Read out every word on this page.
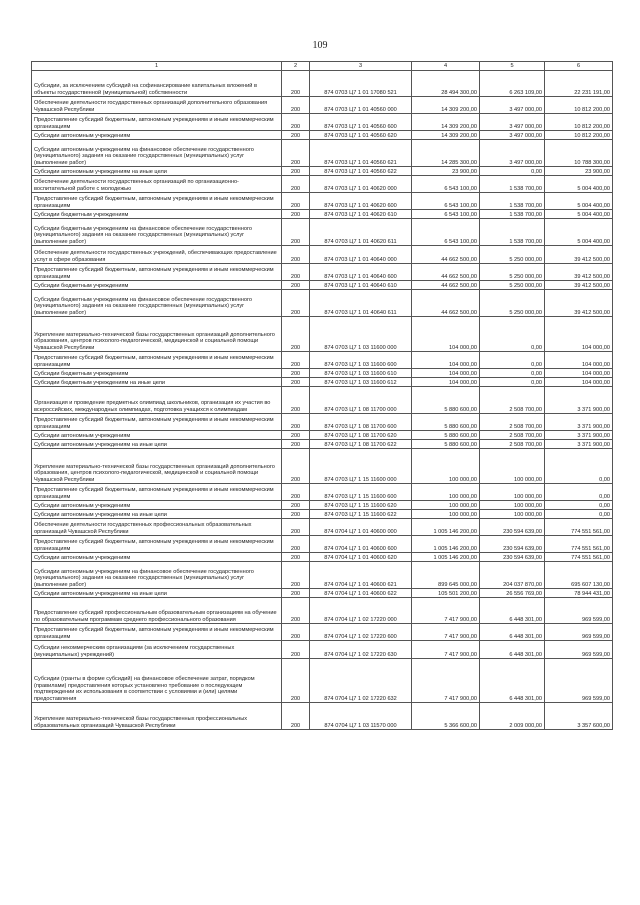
109
1	2	3	4	5	6
Субсидии, за исключением субсидий на софинансирование капитальных вложений в объекты государственной (муниципальной) собственности	200	874 0703 Ц7 1 01 17080 521	28 494 300,00	6 263 109,00	22 231 191,00
Обеспечение деятельности государственных организаций дополнительного образования Чувашской Республики	200	874 0703 Ц7 1 01 40560 000	14 309 200,00	3 497 000,00	10 812 200,00
Предоставление субсидий бюджетным, автономным учреждениям и иным некоммерческим организациям	200	874 0703 Ц7 1 01 40560 600	14 309 200,00	3 497 000,00	10 812 200,00
Субсидии автономным учреждениям	200	874 0703 Ц7 1 01 40560 620	14 309 200,00	3 497 000,00	10 812 200,00
Субсидии автономным учреждениям на финансовое обеспечение государственного (муниципального) задания на оказание государственных (муниципальных) услуг (выполнение работ)	200	874 0703 Ц7 1 01 40560 621	14 285 300,00	3 497 000,00	10 788 300,00
Субсидии автономным учреждениям на иные цели	200	874 0703 Ц7 1 01 40560 622	23 900,00	0,00	23 900,00
Обеспечение деятельности государственных организаций по организационно-воспитательной работе с молодежью	200	874 0703 Ц7 1 01 40620 000	6 543 100,00	1 538 700,00	5 004 400,00
Предоставление субсидий бюджетным, автономным учреждениям и иным некоммерческим организациям	200	874 0703 Ц7 1 01 40620 600	6 543 100,00	1 538 700,00	5 004 400,00
Субсидии бюджетным учреждениям	200	874 0703 Ц7 1 01 40620 610	6 543 100,00	1 538 700,00	5 004 400,00
Субсидии бюджетным учреждениям на финансовое обеспечение государственного (муниципального) задания на оказание государственных (муниципальных) услуг (выполнение работ)	200	874 0703 Ц7 1 01 40620 611	6 543 100,00	1 538 700,00	5 004 400,00
Обеспечение деятельности государственных учреждений, обеспечивающих предоставление услуг в сфере образования	200	874 0703 Ц7 1 01 40640 000	44 662 500,00	5 250 000,00	39 412 500,00
Предоставление субсидий бюджетным, автономным учреждениям и иным некоммерческим организациям	200	874 0703 Ц7 1 01 40640 600	44 662 500,00	5 250 000,00	39 412 500,00
Субсидии бюджетным учреждениям	200	874 0703 Ц7 1 01 40640 610	44 662 500,00	5 250 000,00	39 412 500,00
Субсидии бюджетным учреждениям на финансовое обеспечение государственного (муниципального) задания на оказание государственных (муниципальных) услуг (выполнение работ)	200	874 0703 Ц7 1 01 40640 611	44 662 500,00	5 250 000,00	39 412 500,00
Укрепление материально-технической базы государственных организаций дополнительного образования, центров психолого-педагогической, медицинской и социальной помощи Чувашской Республики	200	874 0703 Ц7 1 03 11600 000	104 000,00	0,00	104 000,00
Предоставление субсидий бюджетным, автономным учреждениям и иным некоммерческим организациям	200	874 0703 Ц7 1 03 11600 600	104 000,00	0,00	104 000,00
Субсидии бюджетным учреждениям	200	874 0703 Ц7 1 03 11600 610	104 000,00	0,00	104 000,00
Субсидии бюджетным учреждениям на иные цели	200	874 0703 Ц7 1 03 11600 612	104 000,00	0,00	104 000,00
Организация и проведение предметных олимпиад школьников, организация их участия во всероссийских, международных олимпиадах, подготовка учащихся к олимпиадам	200	874 0703 Ц7 1 08 11700 000	5 880 600,00	2 508 700,00	3 371 900,00
Предоставление субсидий бюджетным, автономным учреждениям и иным некоммерческим организациям	200	874 0703 Ц7 1 08 11700 600	5 880 600,00	2 508 700,00	3 371 900,00
Субсидии автономным учреждениям	200	874 0703 Ц7 1 08 11700 620	5 880 600,00	2 508 700,00	3 371 900,00
Субсидии автономным учреждениям на иные цели	200	874 0703 Ц7 1 08 11700 622	5 880 600,00	2 508 700,00	3 371 900,00
Укрепление материально-технической базы государственных организаций дополнительного образования, центров психолого-педагогической, медицинской и социальной помощи Чувашской Республики	200	874 0703 Ц7 1 15 11600 000	100 000,00	100 000,00	0,00
Предоставление субсидий бюджетным, автономным учреждениям и иным некоммерческим организациям	200	874 0703 Ц7 1 15 11600 600	100 000,00	100 000,00	0,00
Субсидии автономным учреждениям	200	874 0703 Ц7 1 15 11600 620	100 000,00	100 000,00	0,00
Субсидии автономным учреждениям на иные цели	200	874 0703 Ц7 1 15 11600 622	100 000,00	100 000,00	0,00
Обеспечение деятельности государственных профессиональных образовательных организаций Чувашской Республики	200	874 0704 Ц7 1 01 40600 000	1 005 146 200,00	230 594 639,00	774 551 561,00
Предоставление субсидий бюджетным, автономным учреждениям и иным некоммерческим организациям	200	874 0704 Ц7 1 01 40600 600	1 005 146 200,00	230 594 639,00	774 551 561,00
Субсидии автономным учреждениям	200	874 0704 Ц7 1 01 40600 620	1 005 146 200,00	230 594 639,00	774 551 561,00
Субсидии автономным учреждениям на финансовое обеспечение государственного (муниципального) задания на оказание государственных (муниципальных) услуг (выполнение работ)	200	874 0704 Ц7 1 01 40600 621	899 645 000,00	204 037 870,00	695 607 130,00
Субсидии автономным учреждениям на иные цели	200	874 0704 Ц7 1 01 40600 622	105 501 200,00	26 556 769,00	78 944 431,00
Предоставление субсидий профессиональным образовательным организациям на обучение по образовательным программам среднего профессионального образования	200	874 0704 Ц7 1 02 17220 000	7 417 900,00	6 448 301,00	969 599,00
Предоставление субсидий бюджетным, автономным учреждениям и иным некоммерческим организациям	200	874 0704 Ц7 1 02 17220 600	7 417 900,00	6 448 301,00	969 599,00
Субсидии некоммерческим организациям (за исключением государственных (муниципальных) учреждений)	200	874 0704 Ц7 1 02 17220 630	7 417 900,00	6 448 301,00	969 599,00
Субсидии (гранты в форме субсидий) на финансовое обеспечение затрат, порядком (правилами) предоставления которых установлено требование о последующем подтверждении их использования в соответствии с условиями и (или) целями предоставления	200	874 0704 Ц7 1 02 17220 632	7 417 900,00	6 448 301,00	969 599,00
Укрепление материально-технической базы государственных профессиональных образовательных организаций Чувашской Республики	200	874 0704 Ц7 1 03 11570 000	5 366 600,00	2 009 000,00	3 357 600,00
